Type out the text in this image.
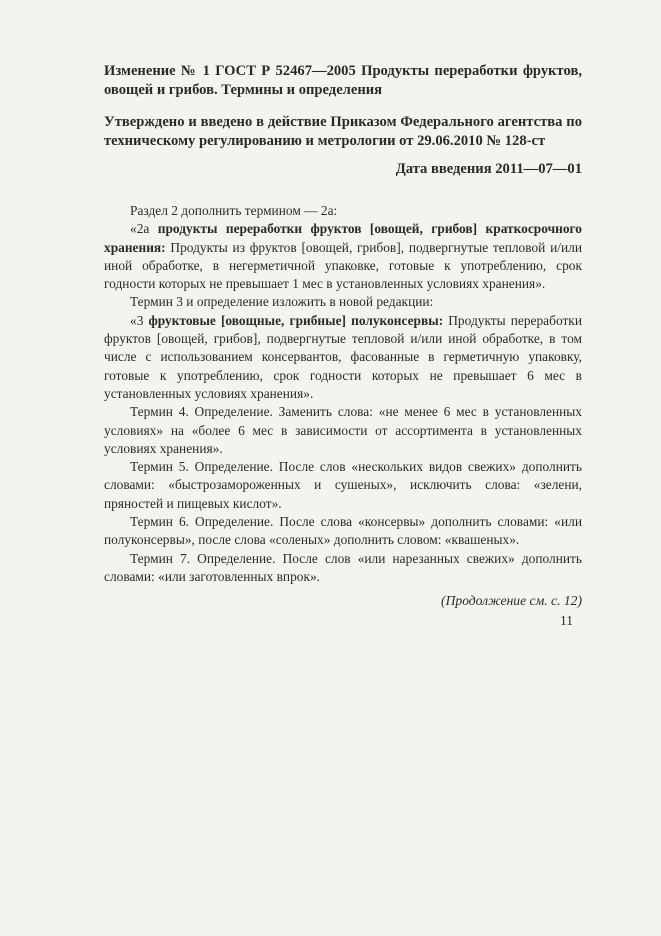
Изменение № 1 ГОСТ Р 52467—2005 Продукты переработки фруктов, овощей и грибов. Термины и определения

Утверждено и введено в действие Приказом Федерального агентства по техническому регулированию и метрологии от 29.06.2010 № 128-ст

Дата введения 2011—07—01

Раздел 2 дополнить термином — 2а:

«2а продукты переработки фруктов [овощей, грибов] краткосрочного хранения: Продукты из фруктов [овощей, грибов], подвергнутые тепловой и/или иной обработке, в негерметичной упаковке, готовые к употреблению, срок годности которых не превышает 1 мес в установленных условиях хранения».

Термин 3 и определение изложить в новой редакции:

«3 фруктовые [овощные, грибные] полуконсервы: Продукты переработки фруктов [овощей, грибов], подвергнутые тепловой и/или иной обработке, в том числе с использованием консервантов, фасованные в герметичную упаковку, готовые к употреблению, срок годности которых не превышает 6 мес в установленных условиях хранения».

Термин 4. Определение. Заменить слова: «не менее 6 мес в установленных условиях» на «более 6 мес в зависимости от ассортимента в установленных условиях хранения».

Термин 5. Определение. После слов «нескольких видов свежих» дополнить словами: «быстрозамороженных и сушеных», исключить слова: «зелени, пряностей и пищевых кислот».

Термин 6. Определение. После слова «консервы» дополнить словами: «или полуконсервы», после слова «соленых» дополнить словом: «квашеных».

Термин 7. Определение. После слов «или нарезанных свежих» дополнить словами: «или заготовленных впрок».

(Продолжение см. с. 12)

11
